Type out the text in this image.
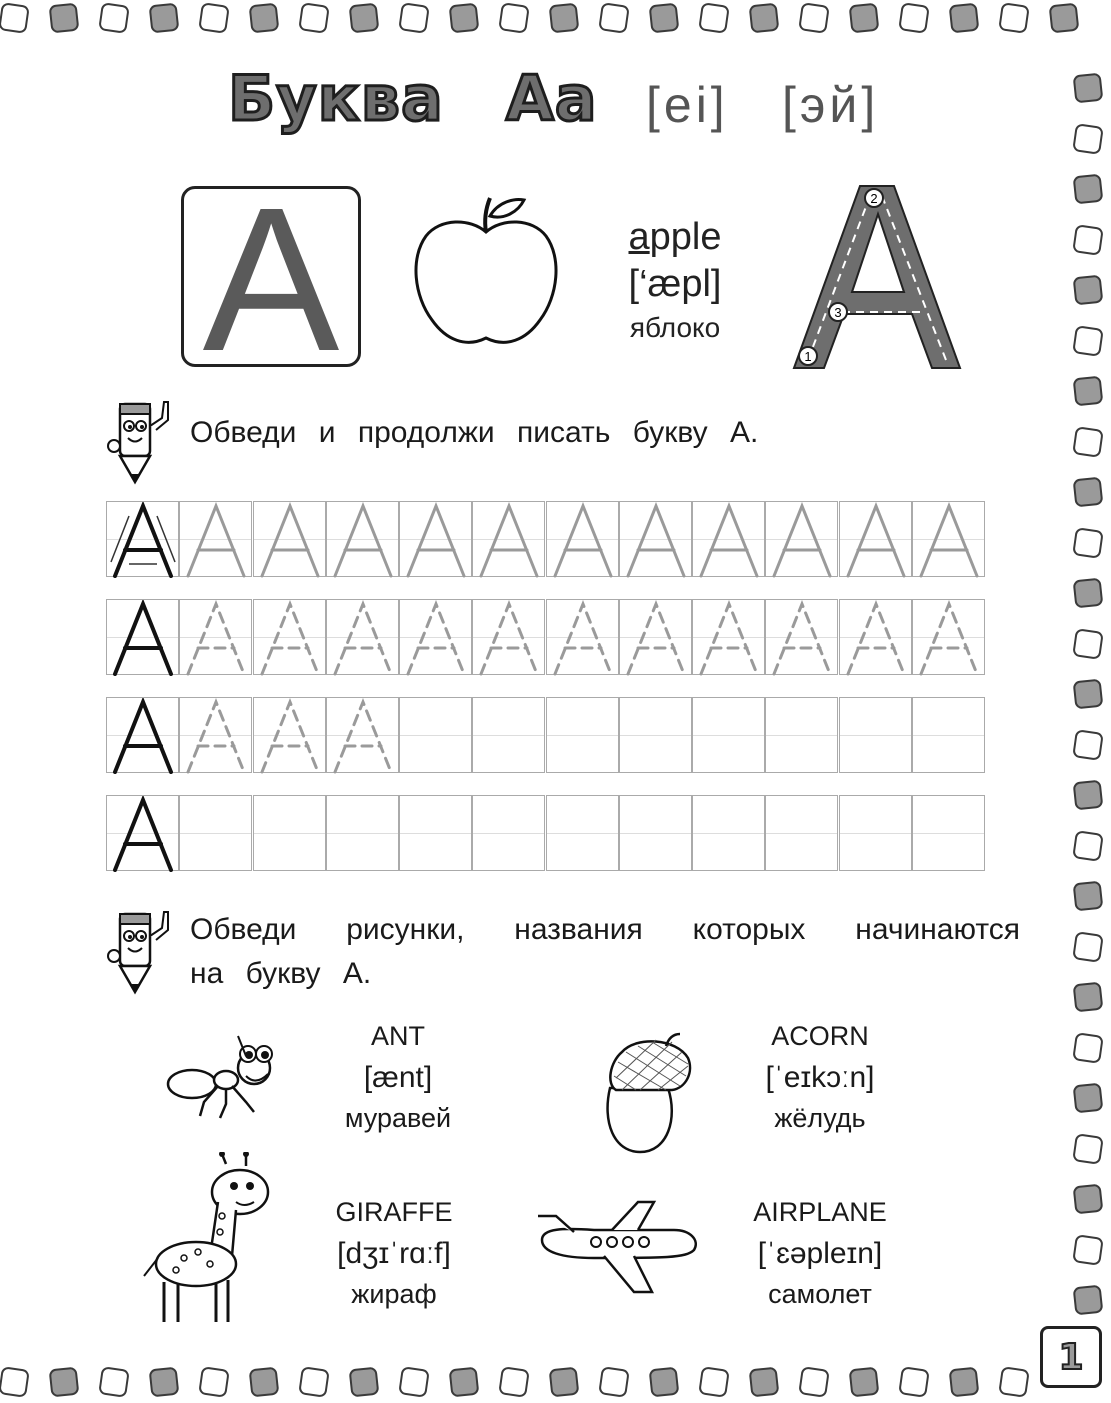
Буква Aa [ei] [эй]
A	apple
[‘æpl]
яблоко
1
2
3
Обведи и продолжи писать букву А.
Обведи рисунки, названия которых начинаются
на букву А.
ANT
[ænt]
муравей
ACORN
[ˈeɪkɔːn]
жёлудь
GIRAFFE
[dʒɪˈrɑːf]
жираф
AIRPLANE
[ˈɛəpleɪn]
самолет
1
